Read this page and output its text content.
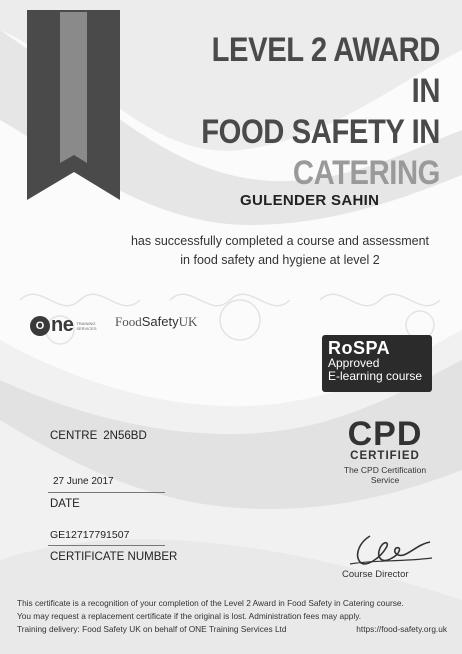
LEVEL 2 AWARD IN
FOOD SAFETY IN
CATERING
GULENDER SAHIN
has successfully completed a course and assessment
in food safety and hygiene at level 2
O ne TRAINING SERVICES	FoodSafetyUK
RoSPA
Approved
E-learning course
CPD
CERTIFIED
The CPD Certification
Service
CENTRE 2N56BD
27 June 2017
DATE
GE12717791507
CERTIFICATE NUMBER
Course Director
This certificate is a recognition of your completion of the Level 2 Award in Food Safety in Catering course.
You may request a replacement certificate if the original is lost. Administration fees may apply.
Training delivery: Food Safety UK on behalf of ONE Training Services Ltd	https://food-safety.org.uk
